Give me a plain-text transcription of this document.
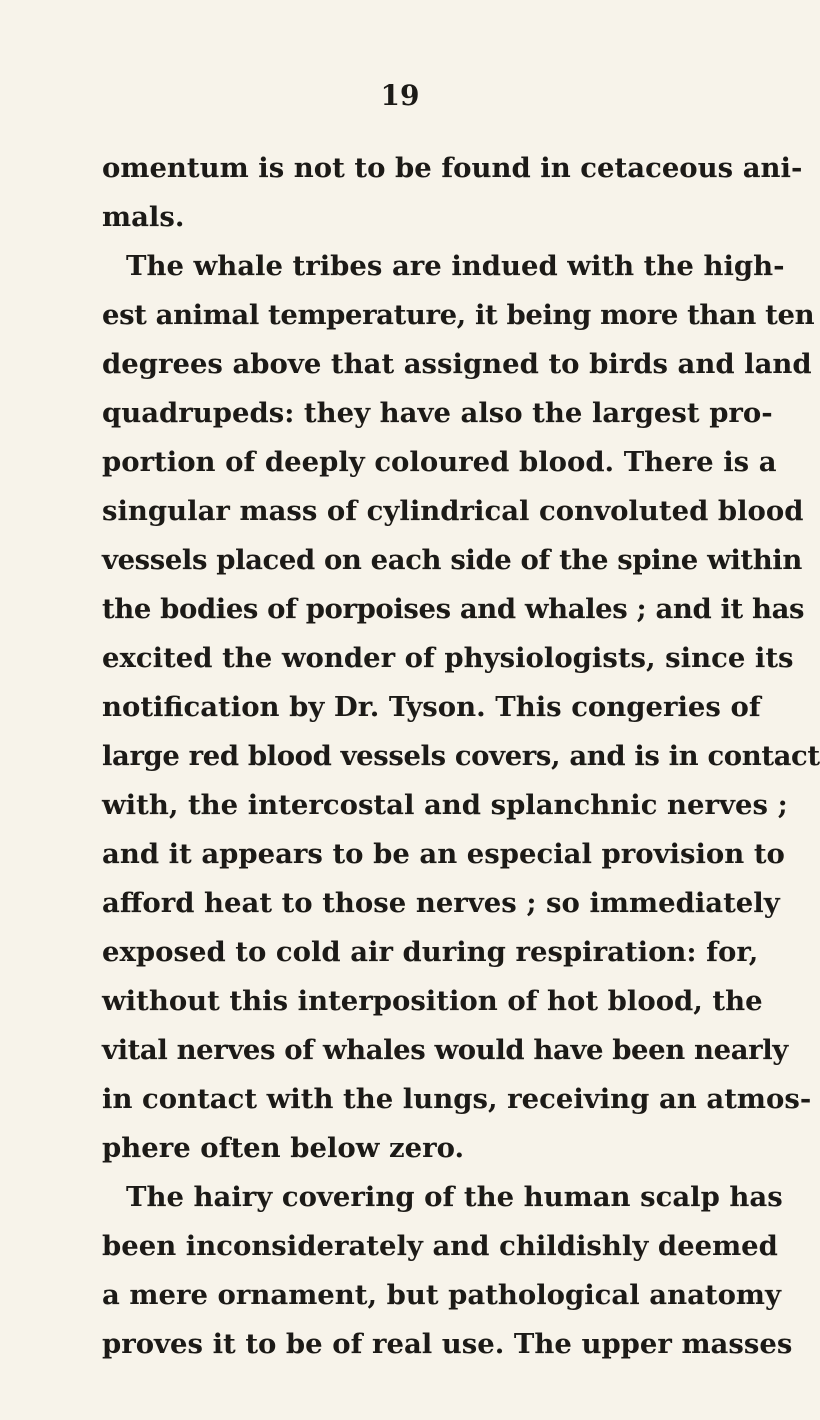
19
omentum is not to be found in cetaceous ani-
mals.
The whale tribes are indued with the high-
est animal temperature, it being more than ten
degrees above that assigned to birds and land
quadrupeds: they have also the largest pro-
portion of deeply coloured blood. There is a
singular mass of cylindrical convoluted blood
vessels placed on each side of the spine within
the bodies of porpoises and whales ; and it has
excited the wonder of physiologists, since its
notification by Dr. Tyson. This congeries of
large red blood vessels covers, and is in contact
with, the intercostal and splanchnic nerves ;
and it appears to be an especial provision to
afford heat to those nerves ; so immediately
exposed to cold air during respiration: for,
without this interposition of hot blood, the
vital nerves of whales would have been nearly
in contact with the lungs, receiving an atmos-
phere often below zero.
The hairy covering of the human scalp has
been inconsiderately and childishly deemed
a mere ornament, but pathological anatomy
proves it to be of real use. The upper masses
